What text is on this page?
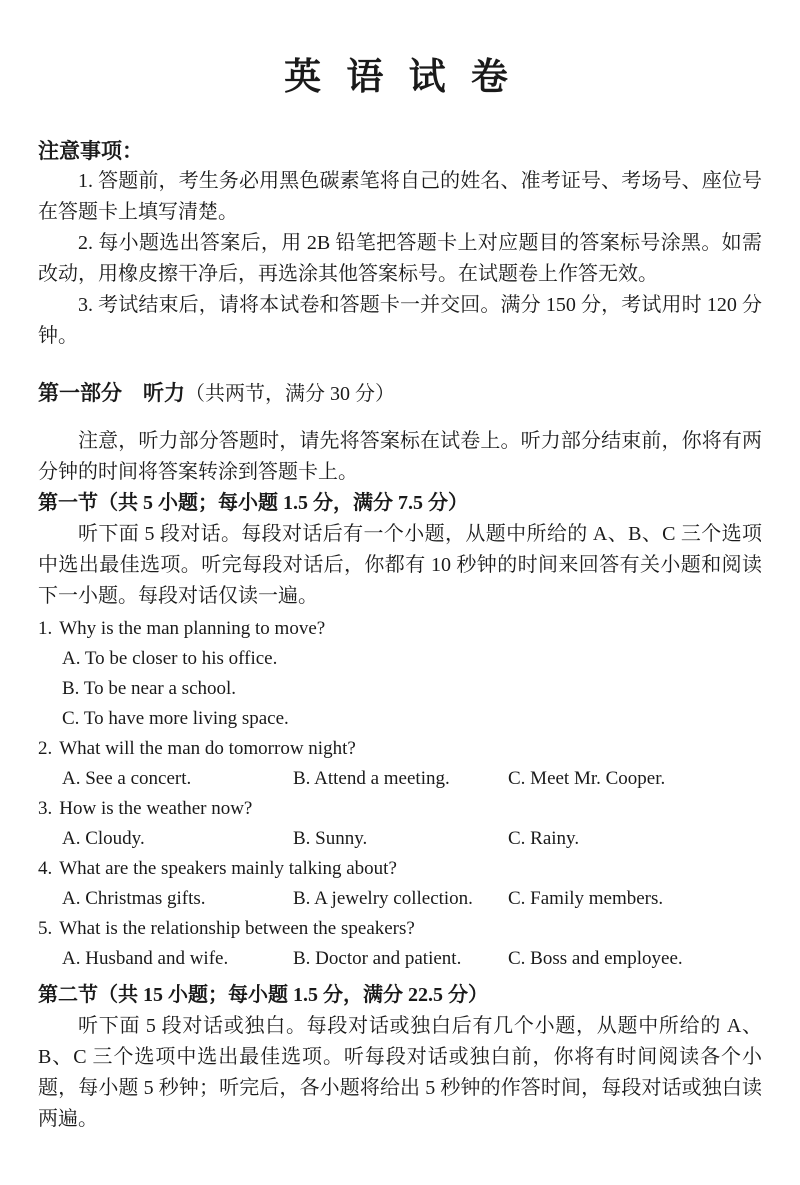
英 语 试 卷
注意事项：

1. 答题前，考生务必用黑色碳素笔将自己的姓名、准考证号、考场号、座位号在答题卡上填写清楚。

2. 每小题选出答案后，用 2B 铅笔把答题卡上对应题目的答案标号涂黑。如需改动，用橡皮擦干净后，再选涂其他答案标号。在试题卷上作答无效。

3. 考试结束后，请将本试卷和答题卡一并交回。满分 150 分，考试用时 120 分钟。

第一部分　听力（共两节，满分 30 分）

注意，听力部分答题时，请先将答案标在试卷上。听力部分结束前，你将有两分钟的时间将答案转涂到答题卡上。

第一节（共 5 小题；每小题 1.5 分，满分 7.5 分）

听下面 5 段对话。每段对话后有一个小题，从题中所给的 A、B、C 三个选项中选出最佳选项。听完每段对话后，你都有 10 秒钟的时间来回答有关小题和阅读下一小题。每段对话仅读一遍。

1. Why is the man planning to move?

A. To be closer to his office.
B. To be near a school.
C. To have more living space.

2. What will the man do tomorrow night?

A. See a concert.	B. Attend a meeting.	C. Meet Mr. Cooper.

3. How is the weather now?

A. Cloudy.	B. Sunny.	C. Rainy.

4. What are the speakers mainly talking about?

A. Christmas gifts.	B. A jewelry collection.	C. Family members.

5. What is the relationship between the speakers?

A. Husband and wife.	B. Doctor and patient.	C. Boss and employee.
第二节（共 15 小题；每小题 1.5 分，满分 22.5 分）

听下面 5 段对话或独白。每段对话或独白后有几个小题，从题中所给的 A、B、C 三个选项中选出最佳选项。听每段对话或独白前，你将有时间阅读各个小题，每小题 5 秒钟；听完后，各小题将给出 5 秒钟的作答时间，每段对话或独白读两遍。
